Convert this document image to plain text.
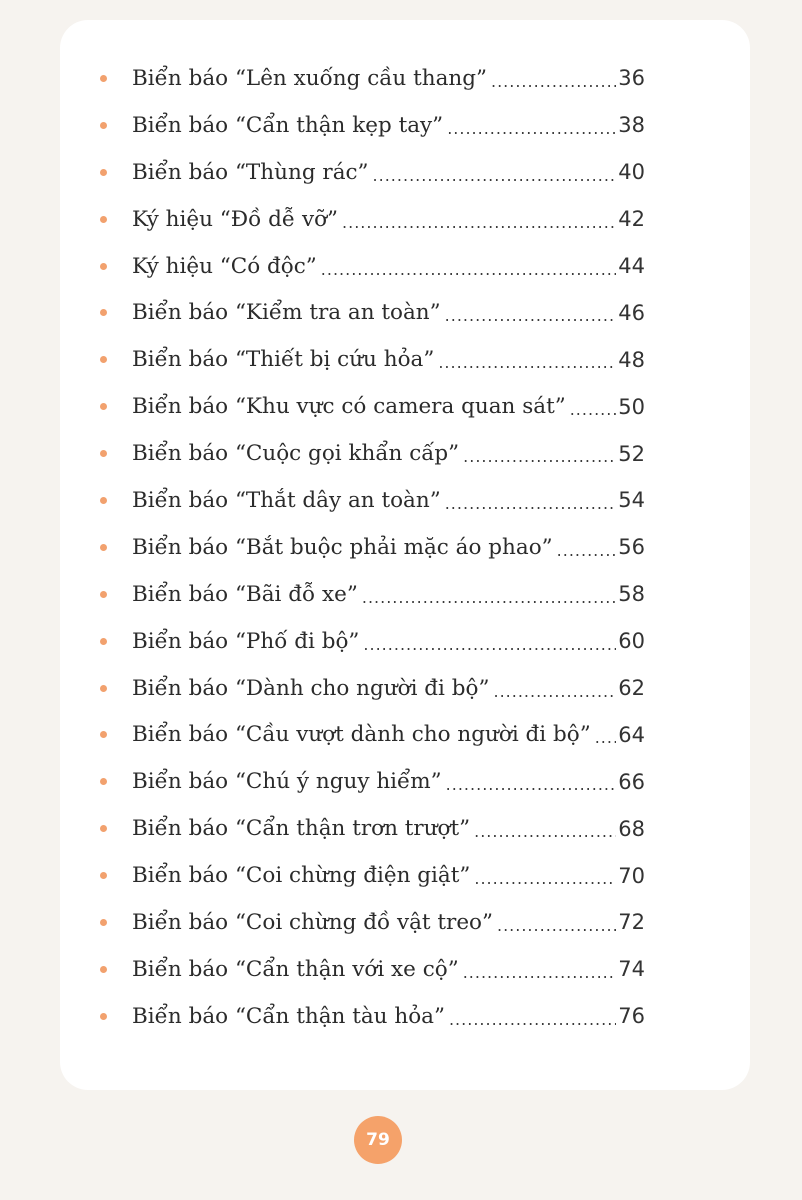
Biển báo “Lên xuống cầu thang” .....	36
Biển báo “Cẩn thận kẹp tay” .....	38
Biển báo “Thùng rác” .....	40
Ký hiệu “Đồ dễ vỡ” .....	42
Ký hiệu “Có độc” .....	44
Biển báo “Kiểm tra an toàn” .....	46
Biển báo “Thiết bị cứu hỏa” .....	48
Biển báo “Khu vực có camera quan sát” .....	50
Biển báo “Cuộc gọi khẩn cấp” .....	52
Biển báo “Thắt dây an toàn” .....	54
Biển báo “Bắt buộc phải mặc áo phao” .....	56
Biển báo “Bãi đỗ xe” .....	58
Biển báo “Phố đi bộ” .....	60
Biển báo “Dành cho người đi bộ” .....	62
Biển báo “Cầu vượt dành cho người đi bộ” ..... 64
Biển báo “Chú ý nguy hiểm” .....	66
Biển báo “Cẩn thận trơn trượt” .....	68
Biển báo “Coi chừng điện giật” .....	70
Biển báo “Coi chừng đồ vật treo” .....	72
Biển báo “Cẩn thận với xe cộ” .....	74
Biển báo “Cẩn thận tàu hỏa” .....	76
79
